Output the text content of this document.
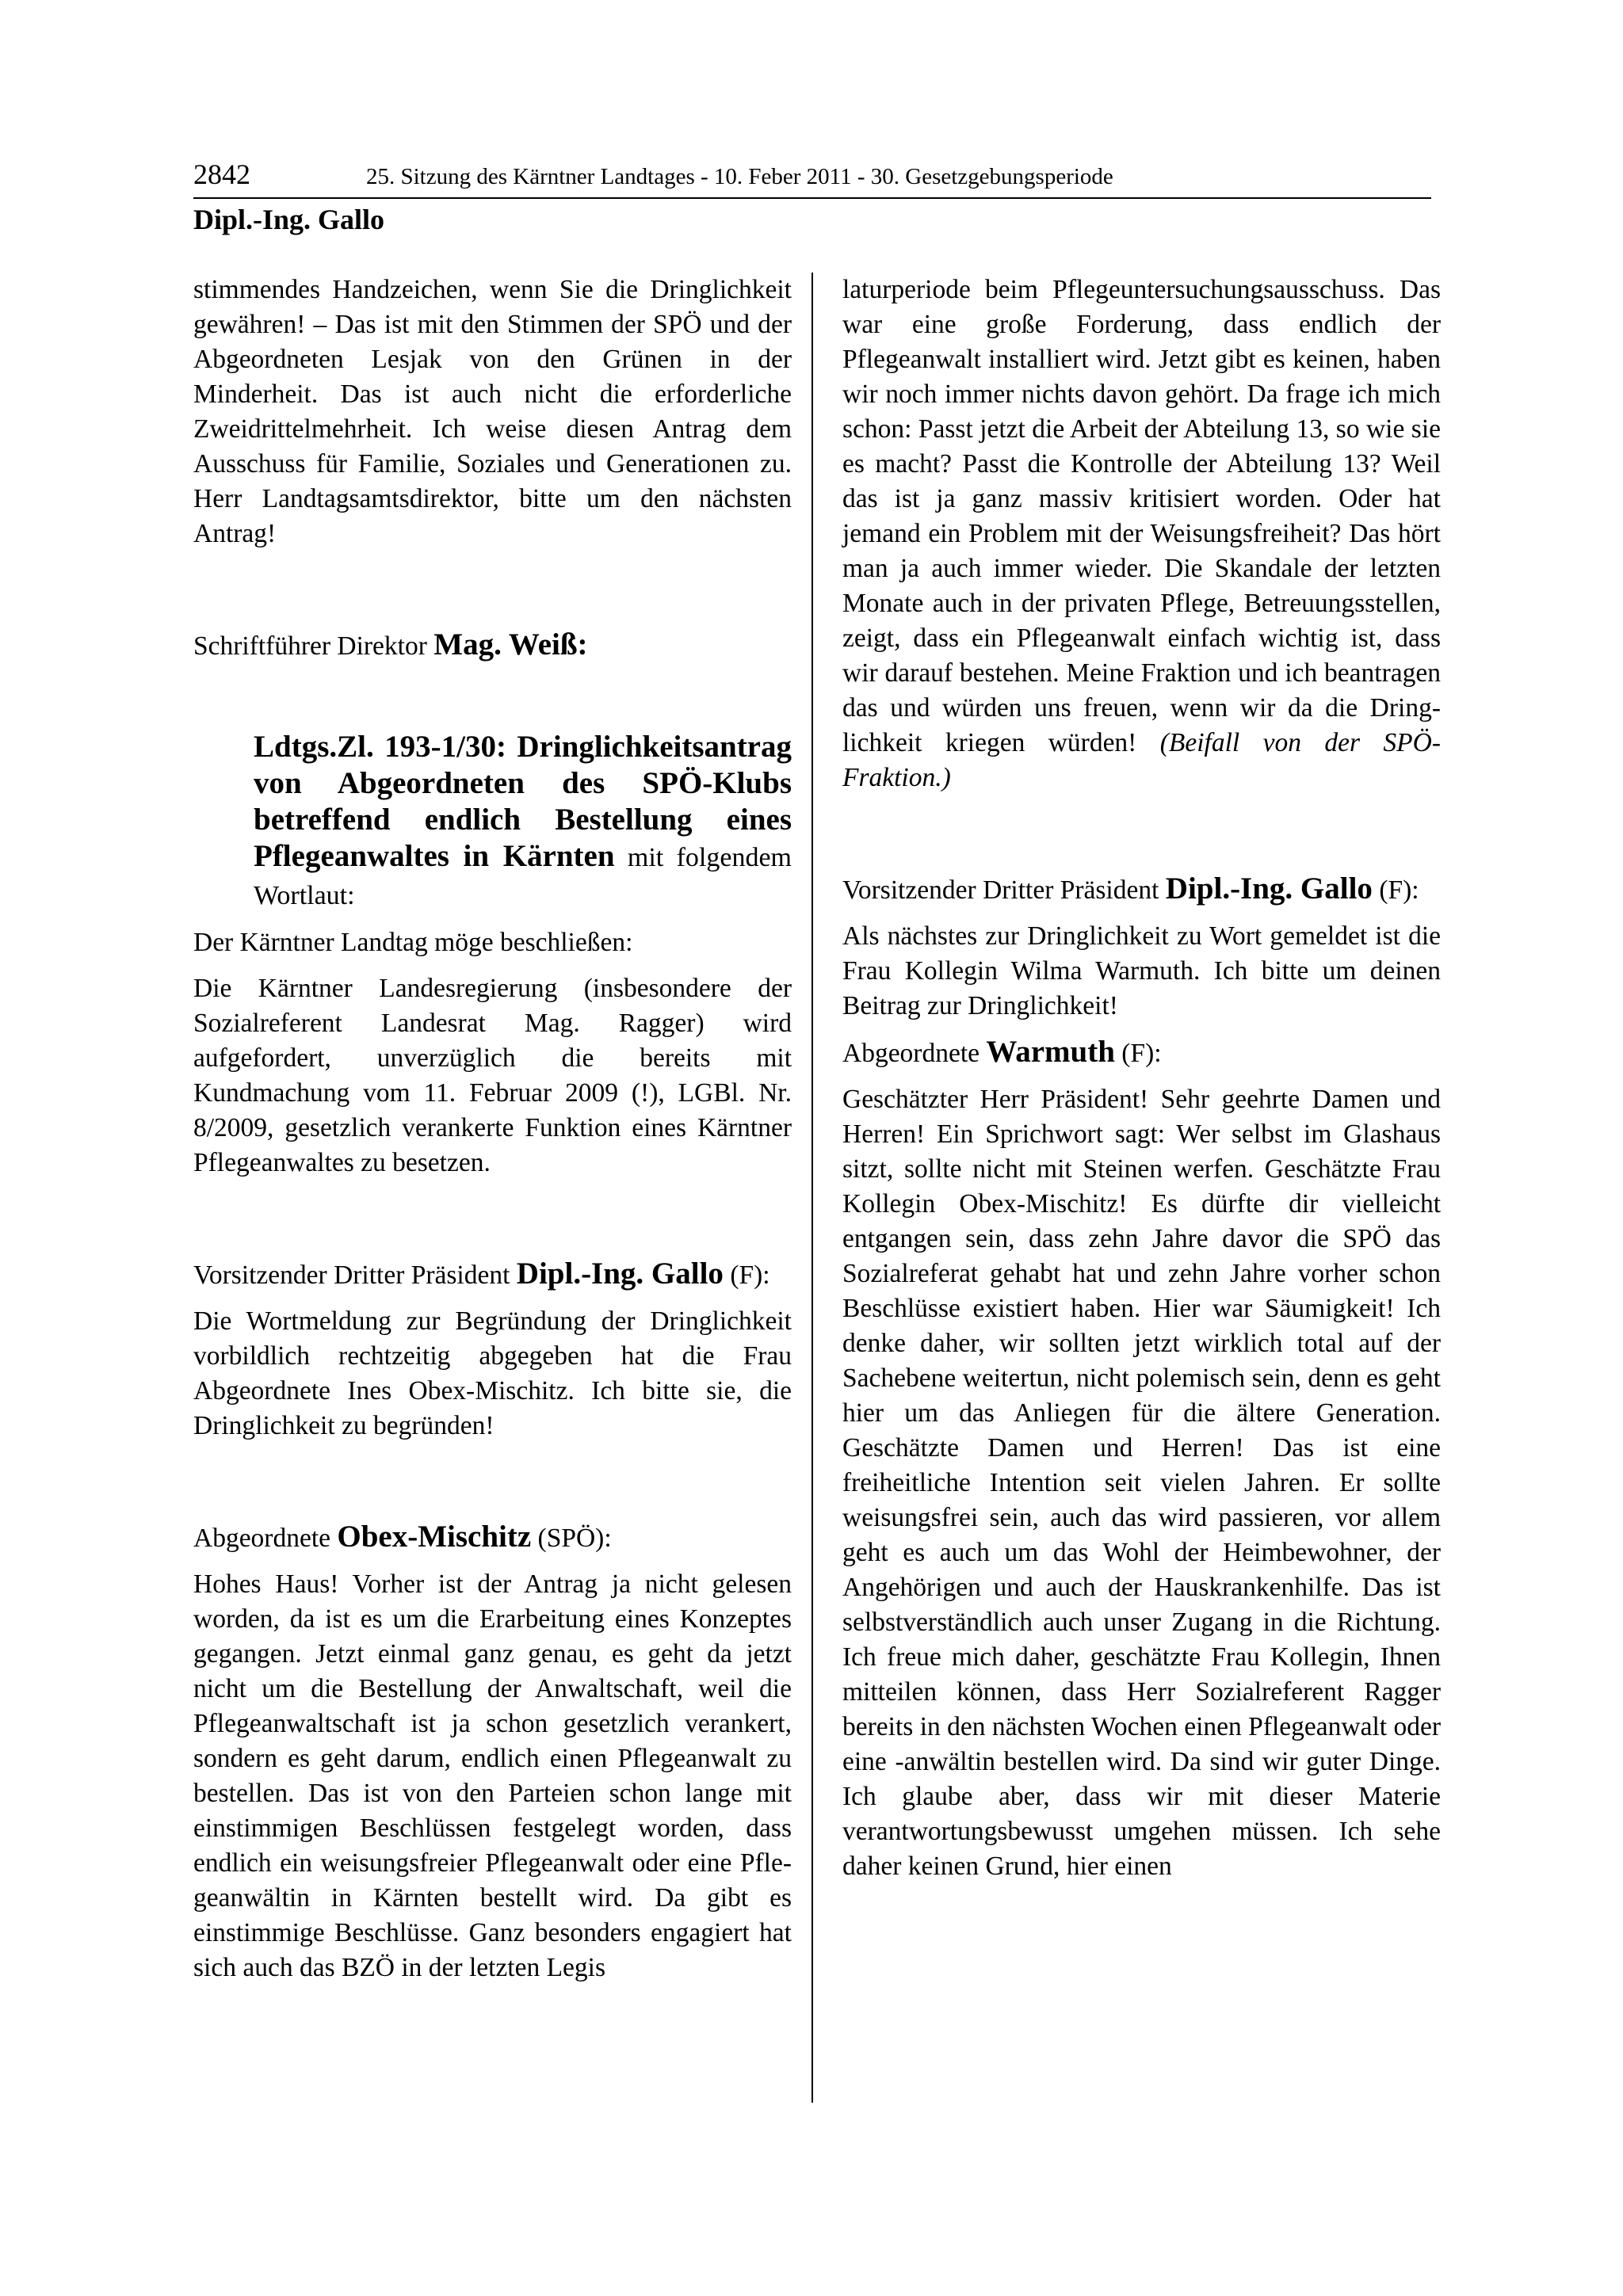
2842	25. Sitzung des Kärntner Landtages - 10. Feber 2011 - 30. Gesetzgebungsperiode
Dipl.-Ing. Gallo

stimmendes Handzeichen, wenn Sie die Dringlichkeit gewähren! – Das ist mit den Stimmen der SPÖ und der Abgeordneten Lesjak von den Grünen in der Minderheit. Das ist auch nicht die erforderliche Zweidrittelmehrheit. Ich weise diesen Antrag dem Ausschuss für Familie, Soziales und Generationen zu. Herr Landtagsamtsdirektor, bitte um den nächsten Antrag!

Schriftführer Direktor Mag. Weiß:

Ldtgs.Zl. 193-1/30: Dringlichkeitsantrag von Abgeordneten des SPÖ-Klubs betreffend endlich Bestellung eines Pflegeanwaltes in Kärnten mit folgendem Wortlaut:

Der Kärntner Landtag möge beschließen:

Die Kärntner Landesregierung (insbesondere der Sozialreferent Landesrat Mag. Ragger) wird aufgefordert, unverzüglich die bereits mit Kundmachung vom 11. Februar 2009 (!), LGBl. Nr. 8/2009, gesetzlich verankerte Funktion eines Kärntner Pflegeanwaltes zu besetzen.

Vorsitzender Dritter Präsident Dipl.-Ing. Gallo (F):

Die Wortmeldung zur Begründung der Dringlichkeit vorbildlich rechtzeitig abgegeben hat die Frau Abgeordnete Ines Obex-Mischitz. Ich bitte sie, die Dringlichkeit zu begründen!

Abgeordnete Obex-Mischitz (SPÖ):

Hohes Haus! Vorher ist der Antrag ja nicht gelesen worden, da ist es um die Erarbeitung eines Konzeptes gegangen. Jetzt einmal ganz genau, es geht da jetzt nicht um die Bestellung der Anwaltschaft, weil die Pflegeanwaltschaft ist ja schon gesetzlich verankert, sondern es geht darum, endlich einen Pflegeanwalt zu bestellen. Das ist von den Parteien schon lange mit einstimmigen Beschlüssen festgelegt worden, dass endlich ein weisungsfreier Pflegeanwalt oder eine Pflegeanwältin in Kärnten bestellt wird. Da gibt es einstimmige Beschlüsse. Ganz besonders engagiert hat sich auch das BZÖ in der letzten Legis

laturperiode beim Pflegeuntersuchungsausschuss. Das war eine große Forderung, dass endlich der Pflegeanwalt installiert wird. Jetzt gibt es keinen, haben wir noch immer nichts davon gehört. Da frage ich mich schon: Passt jetzt die Arbeit der Abteilung 13, so wie sie es macht? Passt die Kontrolle der Abteilung 13? Weil das ist ja ganz massiv kritisiert worden. Oder hat jemand ein Problem mit der Weisungsfreiheit? Das hört man ja auch immer wieder. Die Skandale der letzten Monate auch in der privaten Pflege, Betreuungsstellen, zeigt, dass ein Pflegeanwalt einfach wichtig ist, dass wir darauf bestehen. Meine Fraktion und ich beantragen das und würden uns freuen, wenn wir da die Dringlichkeit kriegen würden! (Beifall von der SPÖ-Fraktion.)

Vorsitzender Dritter Präsident Dipl.-Ing. Gallo (F):

Als nächstes zur Dringlichkeit zu Wort gemeldet ist die Frau Kollegin Wilma Warmuth. Ich bitte um deinen Beitrag zur Dringlichkeit!

Abgeordnete Warmuth (F):

Geschätzter Herr Präsident! Sehr geehrte Damen und Herren! Ein Sprichwort sagt: Wer selbst im Glashaus sitzt, sollte nicht mit Steinen werfen. Geschätzte Frau Kollegin Obex-Mischitz! Es dürfte dir vielleicht entgangen sein, dass zehn Jahre davor die SPÖ das Sozialreferat gehabt hat und zehn Jahre vorher schon Beschlüsse existiert haben. Hier war Säumigkeit! Ich denke daher, wir sollten jetzt wirklich total auf der Sachebene weitertun, nicht polemisch sein, denn es geht hier um das Anliegen für die ältere Generation. Geschätzte Damen und Herren! Das ist eine freiheitliche Intention seit vielen Jahren. Er sollte weisungsfrei sein, auch das wird passieren, vor allem geht es auch um das Wohl der Heimbewohner, der Angehörigen und auch der Hauskrankenhilfe. Das ist selbstverständlich auch unser Zugang in die Richtung. Ich freue mich daher, geschätzte Frau Kollegin, Ihnen mitteilen können, dass Herr Sozialreferent Ragger bereits in den nächsten Wochen einen Pflegeanwalt oder eine -anwältin bestellen wird. Da sind wir guter Dinge. Ich glaube aber, dass wir mit dieser Materie verantwortungsbewusst umgehen müssen. Ich sehe daher keinen Grund, hier einen
